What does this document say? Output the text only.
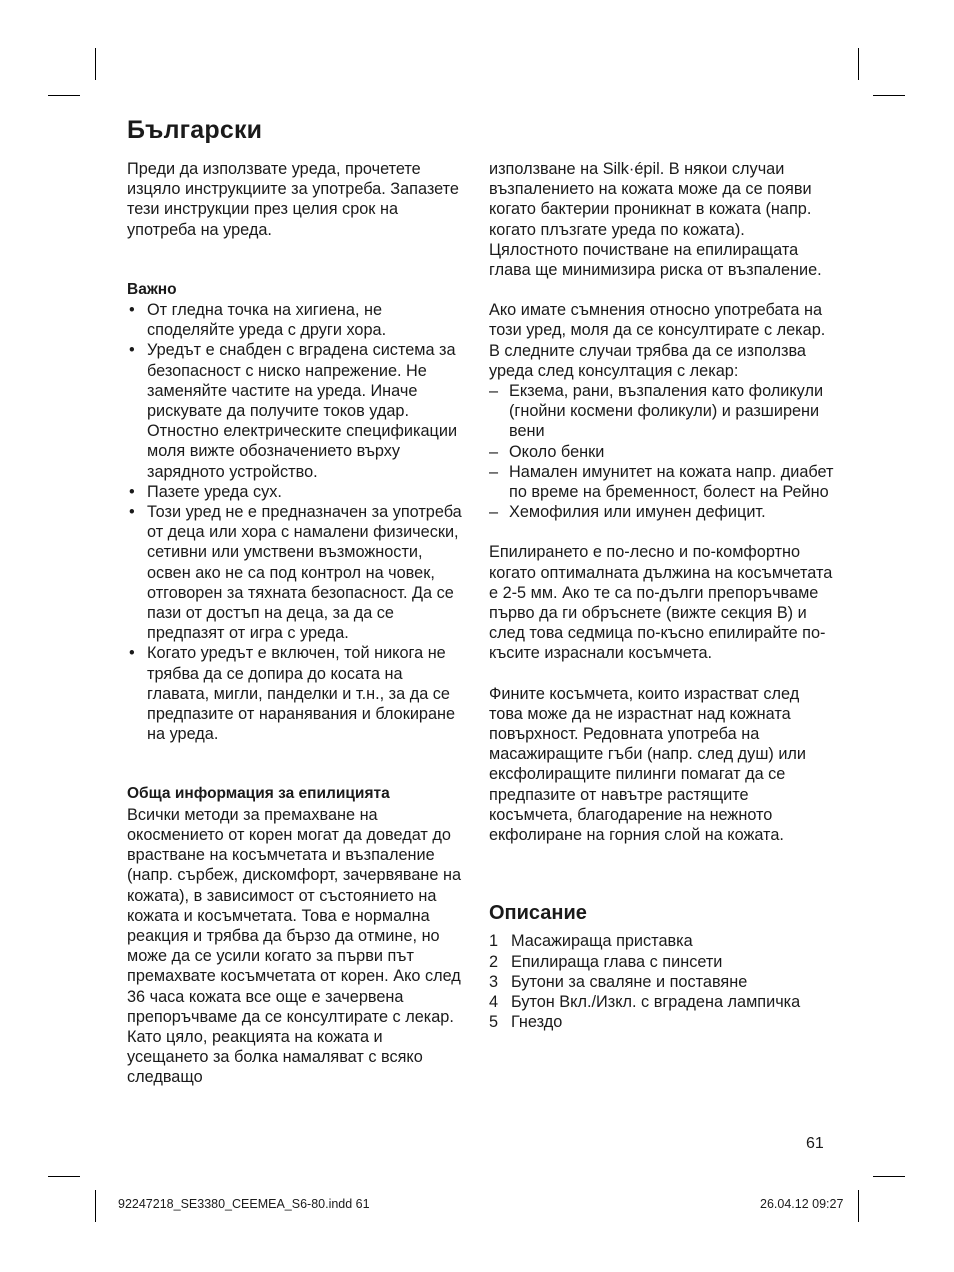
Български

Преди да използвате уреда, прочетете изцяло инструкциите за употреба. Запазете тези инструкции през целия срок на употреба на уреда.

Важно

• От гледна точка на хигиена, не споделяйте уреда с други хора.
• Уредът е снабден с вградена система за безопасност с ниско напрежение. Не заменяйте частите на уреда. Иначе рискувате да получите токов удар. Отностно електрическите спецификации моля вижте обозначението върху зарядното устройство.
• Пазете уреда сух.
• Този уред не е предназначен за употреба от деца или хора с намалени физически, сетивни или умствени възможности, освен ако не са под контрол на човек, отговорен за тяхната безопасност. Да се пази от достъп на деца, за да се предпазят от игра с уреда.
• Когато уредът е включен, той никога не трябва да се допира до косата на главата, мигли, панделки и т.н., за да се предпазите от наранявания и блокиране на уреда.

Обща информация за епилицията

Всички методи за премахване на окосмението от корен могат да доведат до врастване на косъмчетата и възпаление (напр. сърбеж, дискомфорт, зачервяване на кожата), в зависимост от състоянието на кожата и косъмчетата. Това е нормална реакция и трябва да бързо да отмине, но може да се усили когато за първи път премахвате косъмчетата от корен. Ако след 36 часа кожата все още е зачервена препоръчваме да се консултирате с лекар. Като цяло, реакцията на кожата и усещането за болка намаляват с всяко следващо

използване на Silk·épil. В някои случаи възпалението на кожата може да се появи когато бактерии проникнат в кожата (напр. когато плъзгате уреда по кожата). Цялостното почистване на епилиращата глава ще минимизира риска от възпаление.

Ако имате съмнения относно употребата на този уред, моля да се консултирате с лекар. В следните случаи трябва да се използва уреда след консултация с лекар:

– Екзема, рани, възпаления като фоликули (гнойни космени фоликули) и разширени вени
– Около бенки
– Намален имунитет на кожата напр. диабет по време на бременност, болест на Рейно
– Хемофилия или имунен дефицит.

Епилирането е по-лесно и по-комфортно когато оптималната дължина на косъмчетата е 2-5 мм. Ако те са по-дълги препоръчваме първо да ги обръснете (вижте секция B) и след това седмица по-късно епилирайте по-късите израснали косъмчета.

Фините косъмчета, които израстват след това може да не израстнат над кожната повърхност. Редовната употреба на масажиращите гъби (напр. след душ) или ексфолиращите пилинги помагат да се предпазите от навътре растящите косъмчета, благодарение на нежното екфолиране на горния слой на кожата.

Описание
1 Масажираща приставка
2 Епилираща глава с пинсети
3 Бутони за сваляне и поставяне
4 Бутон Вкл./Изкл. с вградена лампичка
5 Гнездо
61
92247218_SE3380_CEEMEA_S6-80.indd 61	26.04.12 09:27
